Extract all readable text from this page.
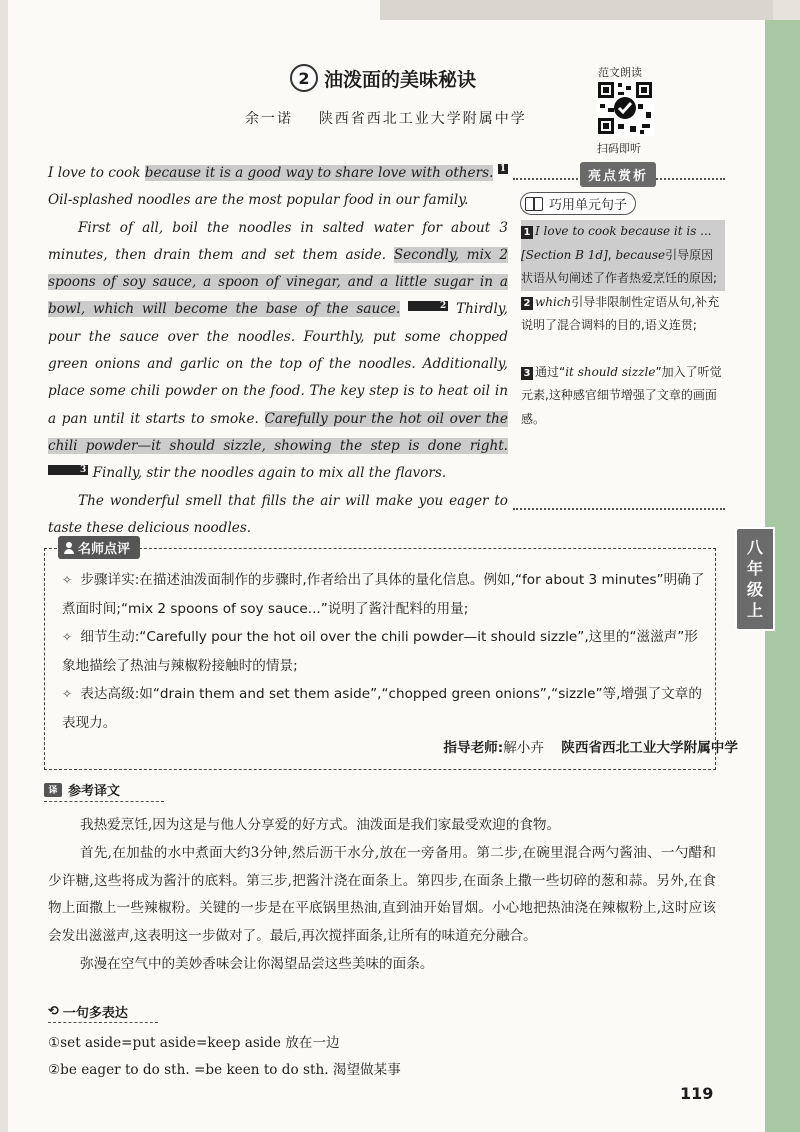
2 油泼面的美味秘诀
余一诺 陕西省西北工业大学附属中学
范文朗读
扫码即听

I love to cook because it is a good way to share love with others. 1 Oil-splashed noodles are the most popular food in our family.

First of all, boil the noodles in salted water for about 3 minutes, then drain them and set them aside. Secondly, mix 2 spoons of soy sauce, a spoon of vinegar, and a little sugar in a bowl, which will become the base of the sauce.	2 Thirdly, pour the sauce over the noodles. Fourthly, put some chopped green onions and garlic on the top of the noodles. Additionally, place some chili powder on the food. The key step is to heat oil in a pan until it starts to smoke. Carefully pour the hot oil over the chili powder—it should sizzle, showing the step is done right. 3 Finally, stir the noodles again to mix all the flavors.

The wonderful smell that fills the air will make you eager to taste these delicious noodles.

亮点赏析
巧用单元句子

1 I love to cook because it is ... [Section B 1d], because引导原因状语从句阐述了作者热爱烹饪的原因;

2 which引导非限制性定语从句,补充说明了混合调料的目的,语义连贯;

3 通过“it should sizzle”加入了听觉元素,这种感官细节增强了文章的画面感。

八
年
级
上
名师点评

✧ 步骤详实:在描述油泼面制作的步骤时,作者给出了具体的量化信息。例如,“for about 3 minutes”明确了煮面时间;“mix 2 spoons of soy sauce...”说明了酱汁配料的用量;

✧ 细节生动:“Carefully pour the hot oil over the chili powder—it should sizzle”,这里的“滋滋声”形象地描绘了热油与辣椒粉接触时的情景;

✧ 表达高级:如“drain them and set them aside”,“chopped green onions”,“sizzle”等,增强了文章的表现力。

指导老师:解小卉 陕西省西北工业大学附属中学
译 参考译文

我热爱烹饪,因为这是与他人分享爱的好方式。油泼面是我们家最受欢迎的食物。

首先,在加盐的水中煮面大约3分钟,然后沥干水分,放在一旁备用。第二步,在碗里混合两勺酱油、一勺醋和少许糖,这些将成为酱汁的底料。第三步,把酱汁浇在面条上。第四步,在面条上撒一些切碎的葱和蒜。另外,在食物上面撒上一些辣椒粉。关键的一步是在平底锅里热油,直到油开始冒烟。小心地把热油浇在辣椒粉上,这时应该会发出滋滋声,这表明这一步做对了。最后,再次搅拌面条,让所有的味道充分融合。

弥漫在空气中的美妙香味会让你渴望品尝这些美味的面条。

⟲ 一句多表达

①set aside=put aside=keep aside 放在一边

②be eager to do sth. =be keen to do sth. 渴望做某事

119
